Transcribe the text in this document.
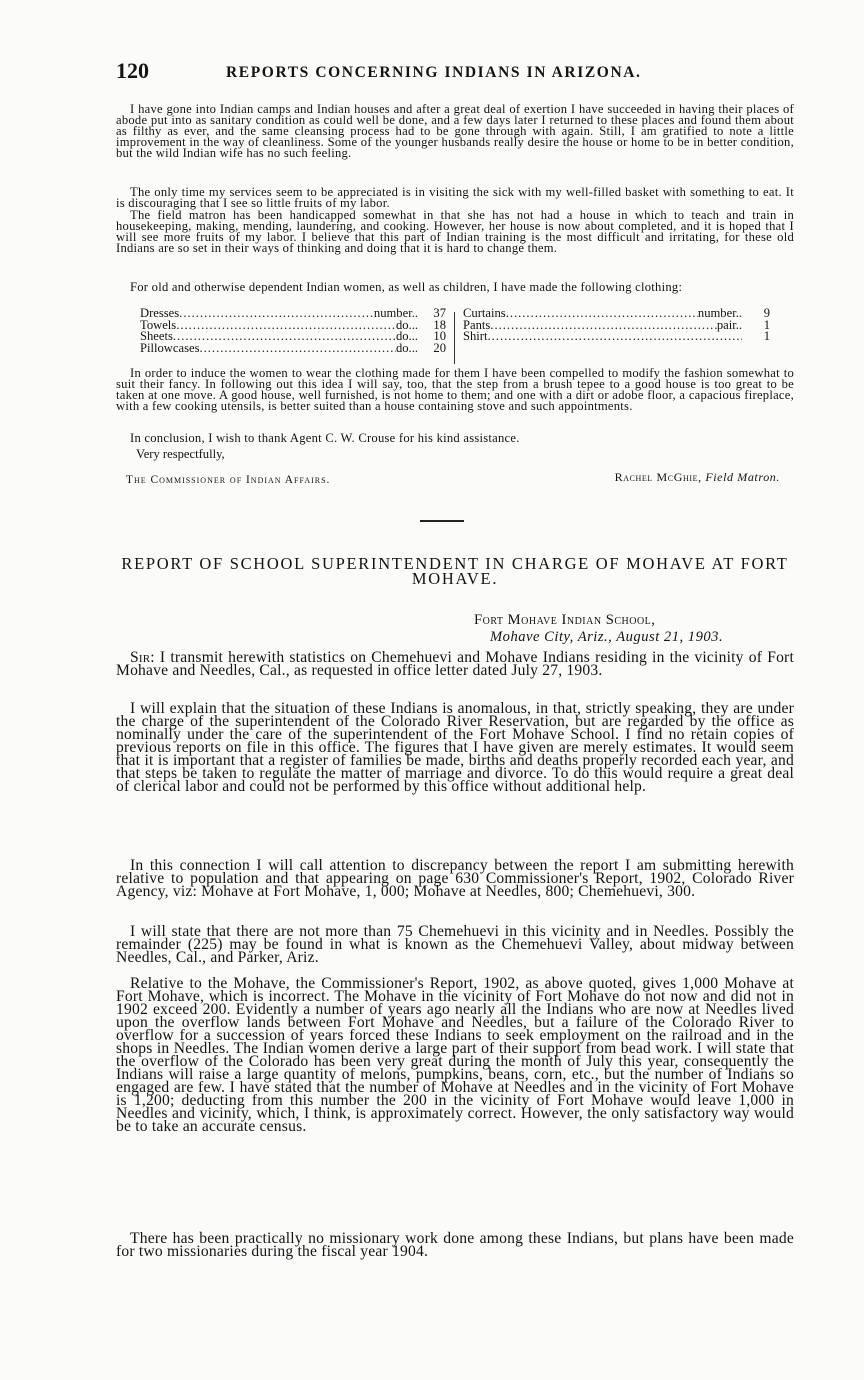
120	REPORTS CONCERNING INDIANS IN ARIZONA.

I have gone into Indian camps and Indian houses and after a great deal of exertion I have succeeded in having their places of abode put into as sanitary condition as could well be done, and a few days later I returned to these places and found them about as filthy as ever, and the same cleansing process had to be gone through with again. Still, I am gratified to note a little improvement in the way of cleanliness. Some of the younger husbands really desire the house or home to be in better condition, but the wild Indian wife has no such feeling.

The only time my services seem to be appreciated is in visiting the sick with my well-filled basket with something to eat. It is discouraging that I see so little fruits of my labor.

The field matron has been handicapped somewhat in that she has not had a house in which to teach and train in housekeeping, making, mending, laundering, and cooking. However, her house is now about completed, and it is hoped that I will see more fruits of my labor. I believe that this part of Indian training is the most difficult and irritating, for these old Indians are so set in their ways of thinking and doing that it is hard to change them.

For old and otherwise dependent Indian women, as well as children, I have made the following clothing:

Dresses .....	number..	37
Towels .....	do...	18
Sheets .....	do...	10
Pillowcases .....	do...	20
Curtains .....	number..	9
Pants .....	pair..	1
Shirt .....	1

In order to induce the women to wear the clothing made for them I have been compelled to modify the fashion somewhat to suit their fancy. In following out this idea I will say, too, that the step from a brush tepee to a good house is too great to be taken at one move. A good house, well furnished, is not home to them; and one with a dirt or adobe floor, a capacious fireplace, with a few cooking utensils, is better suited than a house containing stove and such appointments.

In conclusion, I wish to thank Agent C. W. Crouse for his kind assistance.

Very respectfully,
The Commissioner of Indian Affairs.	Rachel McGhie, Field Matron.
REPORT OF SCHOOL SUPERINTENDENT IN CHARGE OF MOHAVE AT FORT MOHAVE.
Fort Mohave Indian School,
Mohave City, Ariz., August 21, 1903.

Sir: I transmit herewith statistics on Chemehuevi and Mohave Indians residing in the vicinity of Fort Mohave and Needles, Cal., as requested in office letter dated July 27, 1903.

I will explain that the situation of these Indians is anomalous, in that, strictly speaking, they are under the charge of the superintendent of the Colorado River Reservation, but are regarded by the office as nominally under the care of the superintendent of the Fort Mohave School. I find no retain copies of previous reports on file in this office. The figures that I have given are merely estimates. It would seem that it is important that a register of families be made, births and deaths properly recorded each year, and that steps be taken to regulate the matter of marriage and divorce. To do this would require a great deal of clerical labor and could not be performed by this office without additional help.

In this connection I will call attention to discrepancy between the report I am submitting herewith relative to population and that appearing on page 630 Commissioner's Report, 1902, Colorado River Agency, viz: Mohave at Fort Mohave, 1, 000; Mohave at Needles, 800; Chemehuevi, 300.

I will state that there are not more than 75 Chemehuevi in this vicinity and in Needles. Possibly the remainder (225) may be found in what is known as the Chemehuevi Valley, about midway between Needles, Cal., and Parker, Ariz.

Relative to the Mohave, the Commissioner's Report, 1902, as above quoted, gives 1,000 Mohave at Fort Mohave, which is incorrect. The Mohave in the vicinity of Fort Mohave do not now and did not in 1902 exceed 200. Evidently a number of years ago nearly all the Indians who are now at Needles lived upon the overflow lands between Fort Mohave and Needles, but a failure of the Colorado River to overflow for a succession of years forced these Indians to seek employment on the railroad and in the shops in Needles. The Indian women derive a large part of their support from bead work. I will state that the overflow of the Colorado has been very great during the month of July this year, consequently the Indians will raise a large quantity of melons, pumpkins, beans, corn, etc., but the number of Indians so engaged are few. I have stated that the number of Mohave at Needles and in the vicinity of Fort Mohave is 1,200; deducting from this number the 200 in the vicinity of Fort Mohave would leave 1,000 in Needles and vicinity, which, I think, is approximately correct. However, the only satisfactory way would be to take an accurate census.

There has been practically no missionary work done among these Indians, but plans have been made for two missionaries during the fiscal year 1904.
